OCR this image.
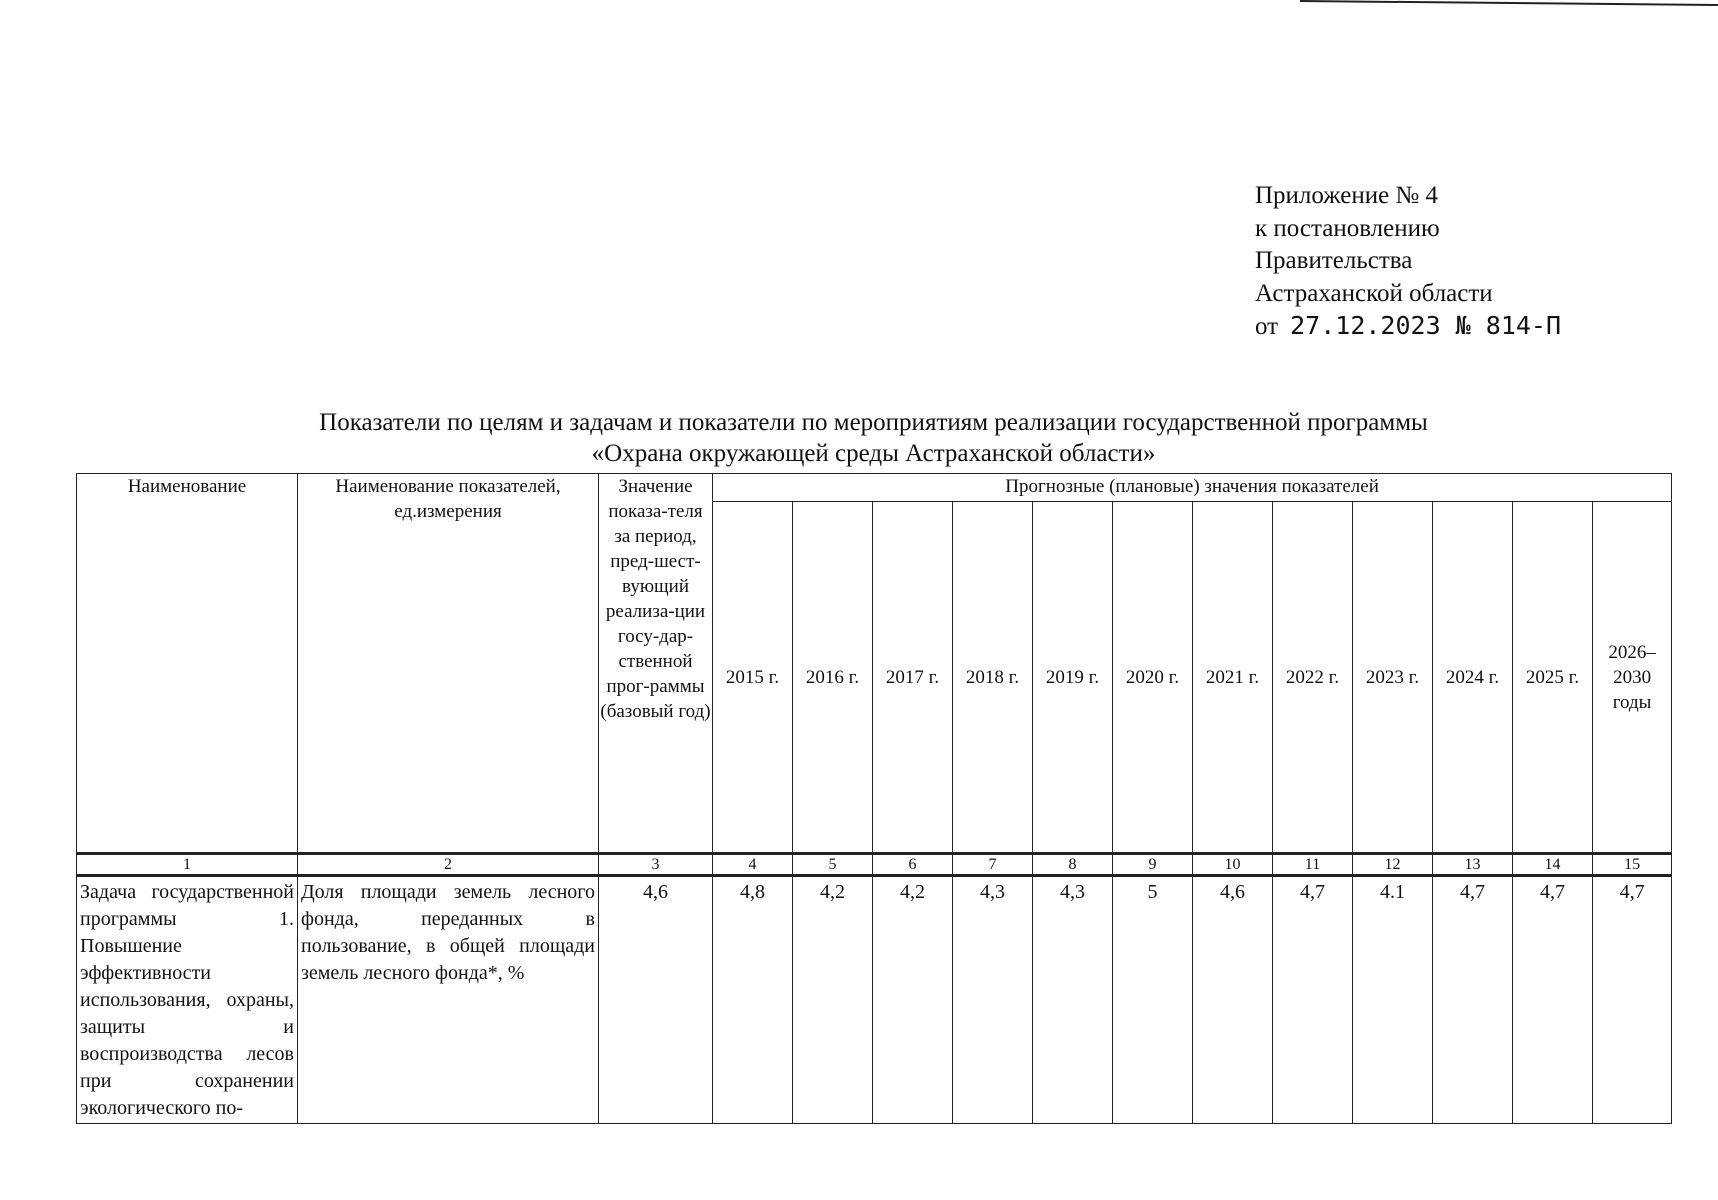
Приложение № 4
к постановлению
Правительства
Астраханской области
от 27.12.2023 № 814-П
Показатели по целям и задачам и показатели по мероприятиям реализации государственной программы
«Охрана окружающей среды Астраханской области»
Наименование	Наименование показателей, ед.измерения	Значение показа-теля за период, пред-шест-вующий реализа-ции госу-дар-ственной прог-раммы (базовый год)	Прогнозные (плановые) значения показателей											
			2015 г.	2016 г.	2017 г.	2018 г.	2019 г.	2020 г.	2021 г.	2022 г.	2023 г.	2024 г.	2025 г.	2026–2030 годы
1	2	3	4	5	6	7	8	9	10	11	12	13	14	15
Задача государственной программы 1. Повышение эффективности использования, охраны, защиты и воспроизводства лесов при сохранении экологического по-	Доля площади земель лесного фонда, переданных в пользование, в общей площади земель лесного фонда*, %	4,6	4,8	4,2	4,2	4,3	4,3	5	4,6	4,7	4.1	4,7	4,7	4,7
